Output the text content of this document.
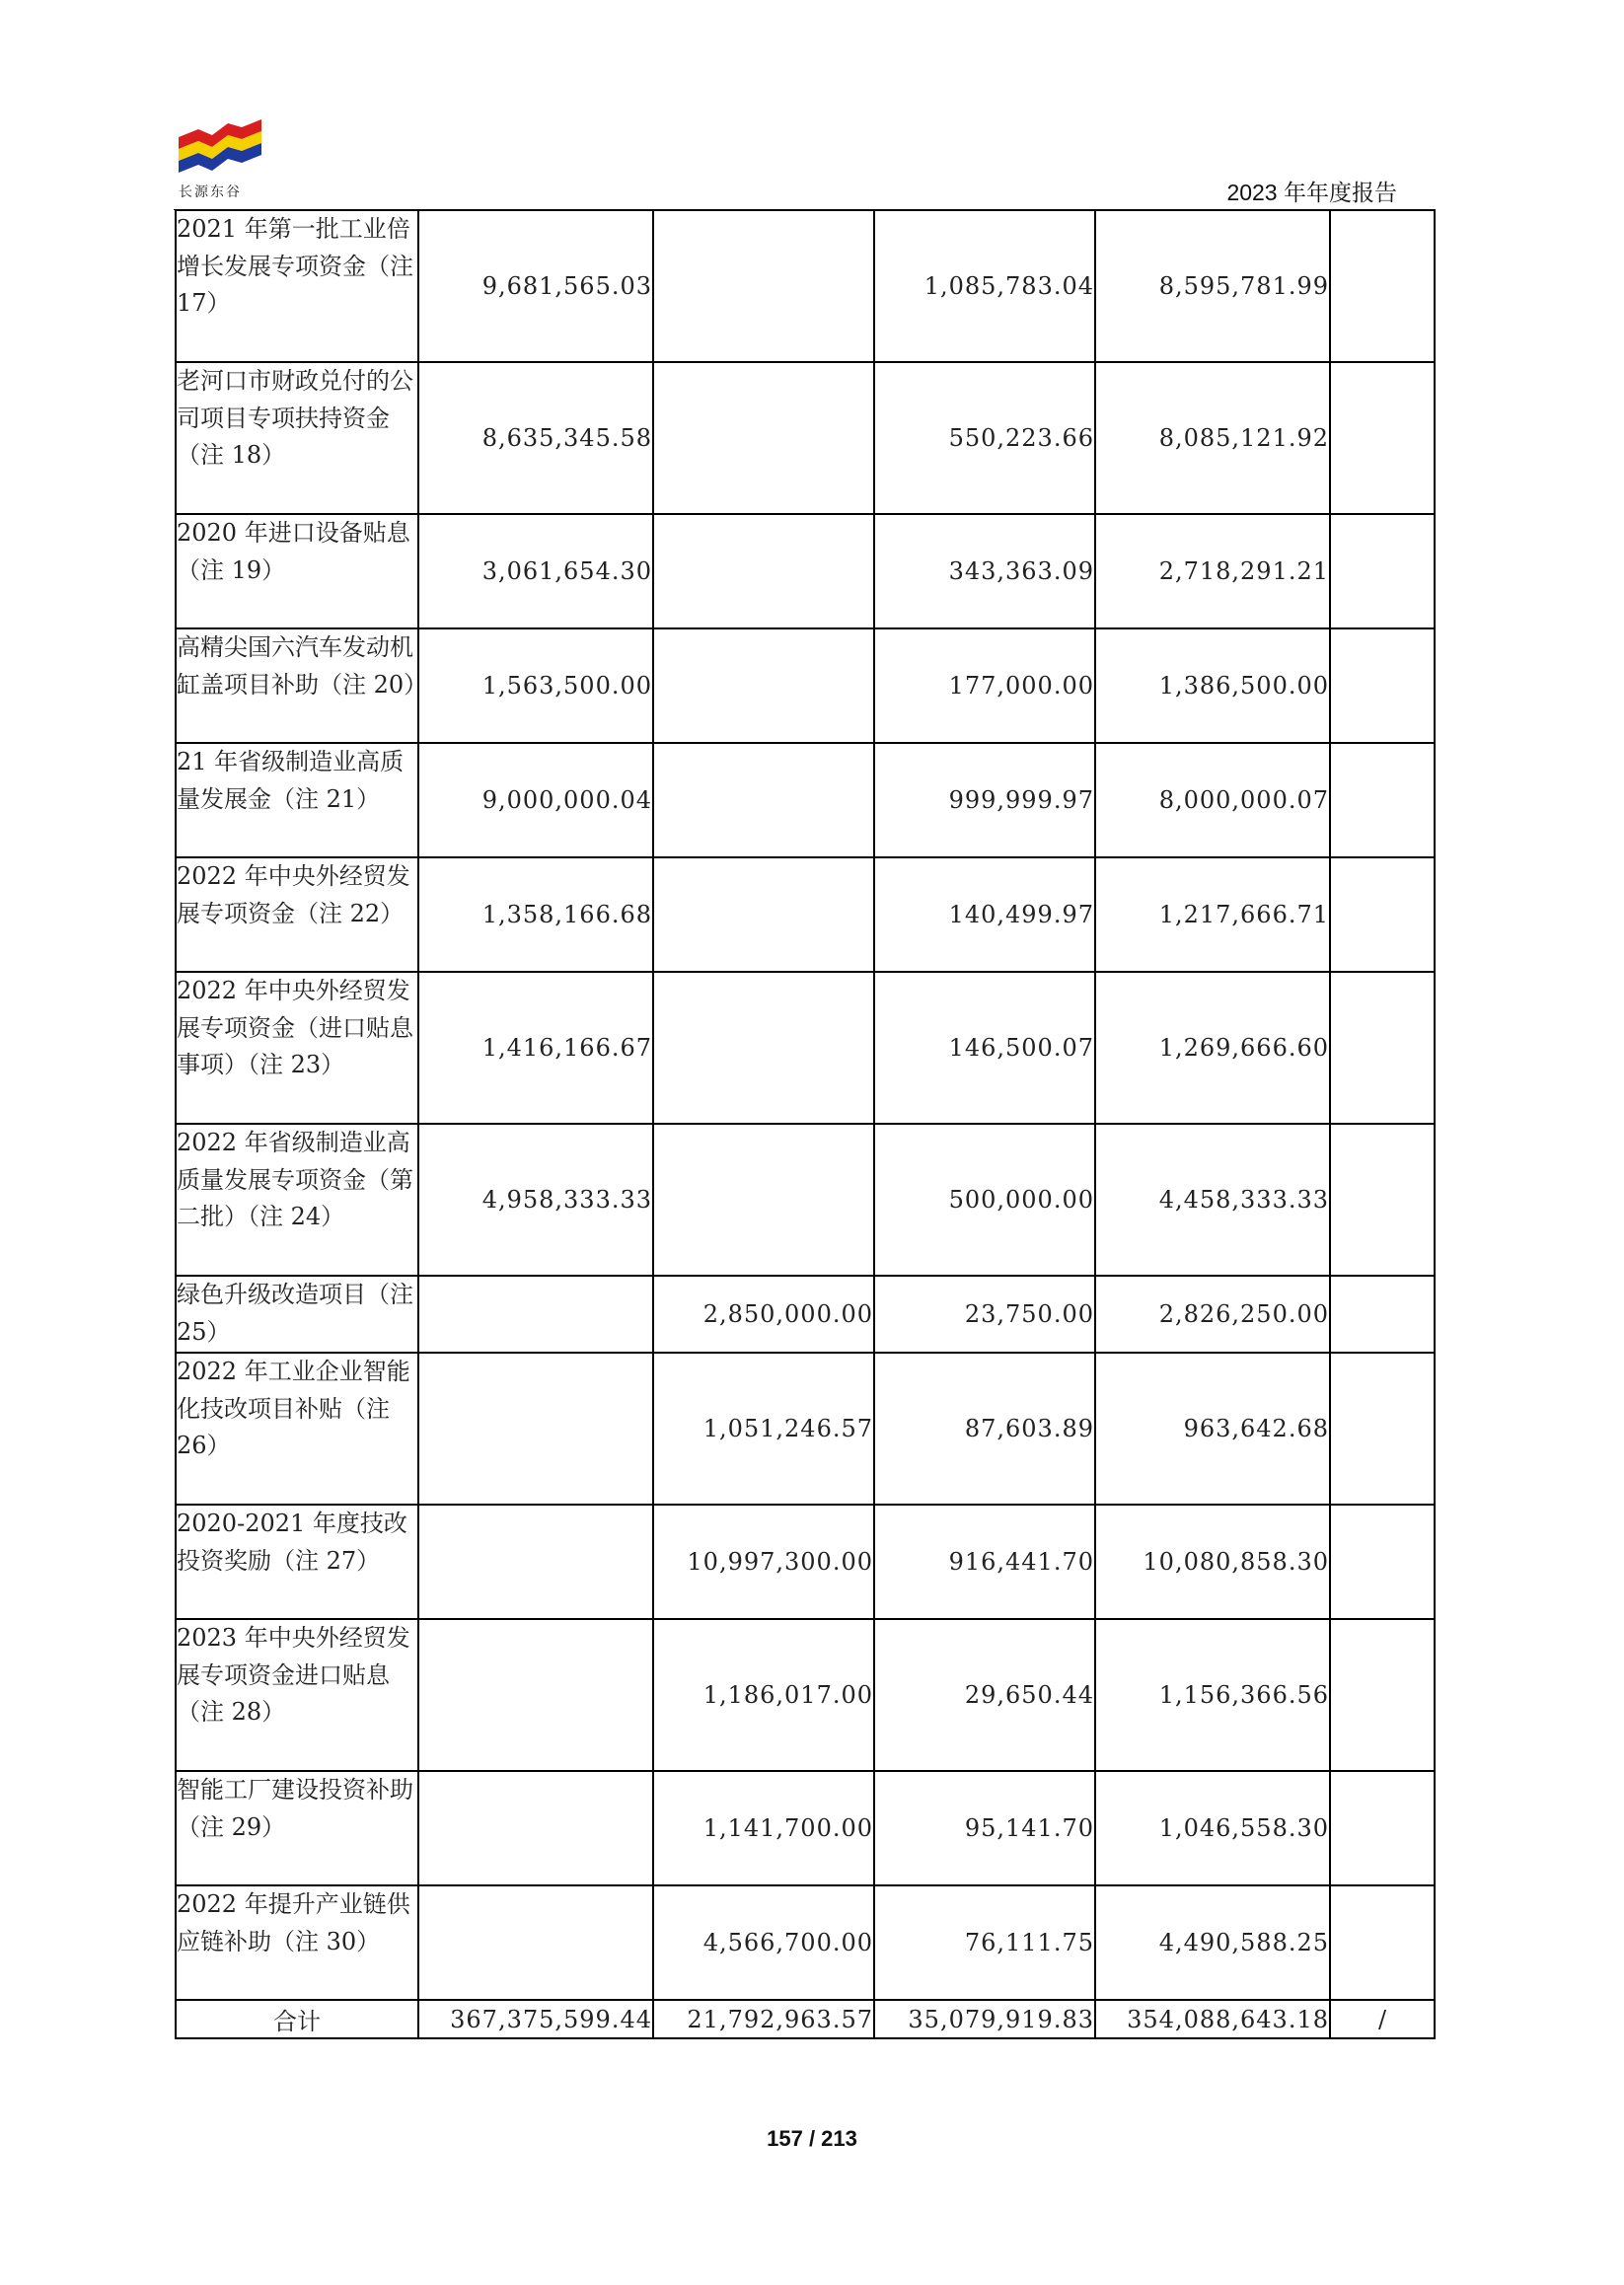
长源东谷	2023 年年度报告
2021 年第一批工业倍增长发展专项资金（注 17）	9,681,565.03		1,085,783.04	8,595,781.99	
老河口市财政兑付的公司项目专项扶持资金（注 18）	8,635,345.58		550,223.66	8,085,121.92	
2020 年进口设备贴息（注 19）	3,061,654.30		343,363.09	2,718,291.21	
高精尖国六汽车发动机缸盖项目补助（注 20）	1,563,500.00		177,000.00	1,386,500.00	
21 年省级制造业高质量发展金（注 21）	9,000,000.04		999,999.97	8,000,000.07	
2022 年中央外经贸发展专项资金（注 22）	1,358,166.68		140,499.97	1,217,666.71	
2022 年中央外经贸发展专项资金（进口贴息事项）（注 23）	1,416,166.67		146,500.07	1,269,666.60	
2022 年省级制造业高质量发展专项资金（第二批）（注 24）	4,958,333.33		500,000.00	4,458,333.33	
绿色升级改造项目（注 25）		2,850,000.00	23,750.00	2,826,250.00	
2022 年工业企业智能化技改项目补贴（注 26）		1,051,246.57	87,603.89	963,642.68	
2020-2021 年度技改投资奖励（注 27）		10,997,300.00	916,441.70	10,080,858.30	
2023 年中央外经贸发展专项资金进口贴息（注 28）		1,186,017.00	29,650.44	1,156,366.56	
智能工厂建设投资补助（注 29）		1,141,700.00	95,141.70	1,046,558.30	
2022 年提升产业链供应链补助（注 30）		4,566,700.00	76,111.75	4,490,588.25	
合计	367,375,599.44	21,792,963.57	35,079,919.83	354,088,643.18	/
157 / 213
